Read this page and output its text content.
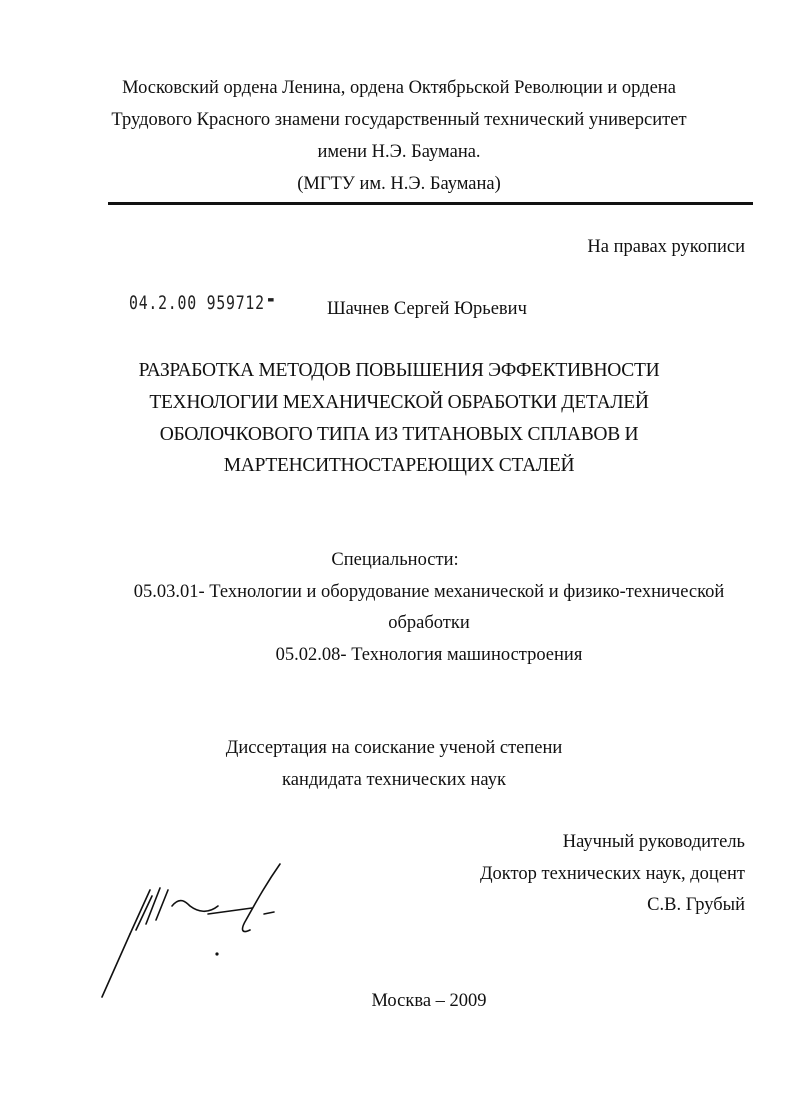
Московский ордена Ленина, ордена Октябрьской Революции и ордена
Трудового Красного знамени государственный технический университет
имени Н.Э. Баумана.
(МГТУ им. Н.Э. Баумана)
На правах рукописи
04.2.00 959712 ▬	Шачнев Сергей Юрьевич
РАЗРАБОТКА МЕТОДОВ ПОВЫШЕНИЯ ЭФФЕКТИВНОСТИ
ТЕХНОЛОГИИ МЕХАНИЧЕСКОЙ ОБРАБОТКИ ДЕТАЛЕЙ
ОБОЛОЧКОВОГО ТИПА ИЗ ТИТАНОВЫХ СПЛАВОВ И
МАРТЕНСИТНОСТАРЕЮЩИХ СТАЛЕЙ
Специальности:
05.03.01- Технологии и оборудование механической и физико-технической
обработки
05.02.08- Технология машиностроения
Диссертация на соискание ученой степени
кандидата технических наук
Научный руководитель
Доктор технических наук, доцент
С.В. Грубый
Москва – 2009
